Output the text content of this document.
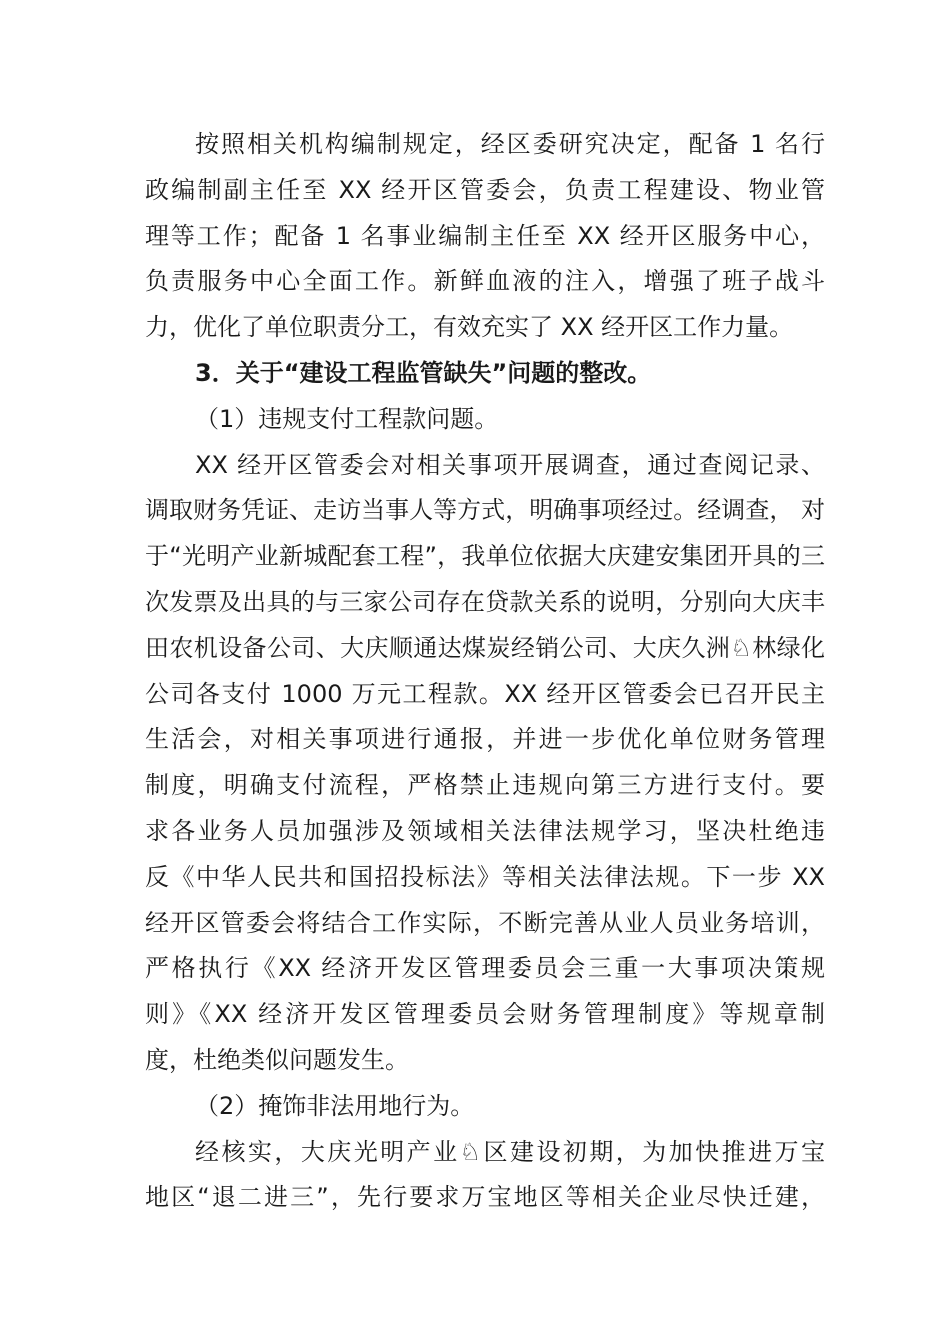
按照相关机构编制规定，经区委研究决定，配备 1 名行
政编制副主任至 XX 经开区管委会，负责工程建设、物业管
理等工作；配备 1 名事业编制主任至 XX 经开区服务中心，
负责服务中心全面工作。新鲜血液的注入，增强了班子战斗
力，优化了单位职责分工，有效充实了 XX 经开区工作力量。
3．关于“建设工程监管缺失”问题的整改。
（1）违规支付工程款问题。
XX 经开区管委会对相关事项开展调查，通过查阅记录、
调取财务凭证、走访当事人等方式，明确事项经过。经调查， 对
于“光明产业新城配套工程”，我单位依据大庆建安集团开具的三
次发票及出具的与三家公司存在贷款关系的说明，分别向大庆丰
田农机设备公司、大庆顺通达煤炭经销公司、大庆久洲♘林绿化
公司各支付 1000 万元工程款。XX 经开区管委会已召开民主
生活会，对相关事项进行通报，并进一步优化单位财务管理
制度，明确支付流程，严格禁止违规向第三方进行支付。要
求各业务人员加强涉及领域相关法律法规学习，坚决杜绝违
反《中华人民共和国招投标法》等相关法律法规。下一步 XX
经开区管委会将结合工作实际，不断完善从业人员业务培训，
严格执行《XX 经济开发区管理委员会三重一大事项决策规
则》《XX 经济开发区管理委员会财务管理制度》等规章制
度，杜绝类似问题发生。
（2）掩饰非法用地行为。
经核实，大庆光明产业♘区建设初期，为加快推进万宝
地区“退二进三”，先行要求万宝地区等相关企业尽快迁建，
